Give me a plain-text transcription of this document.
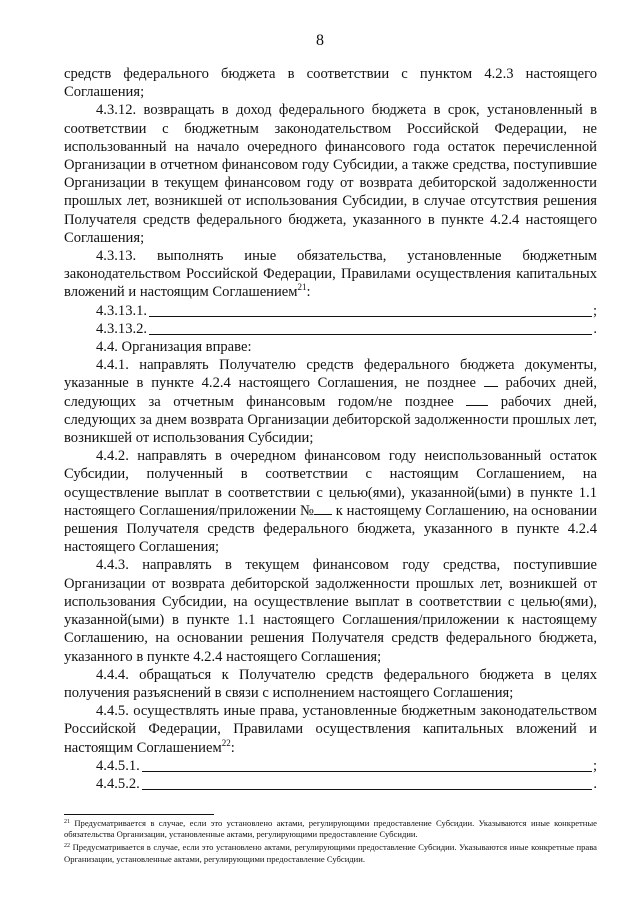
8

средств федерального бюджета в соответствии с пунктом 4.2.3 настоящего Соглашения;

4.3.12. возвращать в доход федерального бюджета в срок, установленный в соответствии с бюджетным законодательством Российской Федерации, не использованный на начало очередного финансового года остаток перечисленной Организации в отчетном финансовом году Субсидии, а также средства, поступившие Организации в текущем финансовом году от возврата дебиторской задолженности прошлых лет, возникшей от использования Субсидии, в случае отсутствия решения Получателя средств федерального бюджета, указанного в пункте 4.2.4 настоящего Соглашения;

4.3.13. выполнять иные обязательства, установленные бюджетным законодательством Российской Федерации, Правилами осуществления капитальных вложений и настоящим Соглашением$^{21}$:

4.3.13.1.	;
4.3.13.2.	.

4.4. Организация вправе:

4.4.1. направлять Получателю средств федерального бюджета документы, указанные в пункте 4.2.4 настоящего Соглашения, не позднее  рабочих дней, следующих за отчетным финансовым годом/не позднее  рабочих дней, следующих за днем возврата Организации дебиторской задолженности прошлых лет, возникшей от использования Субсидии;

4.4.2. направлять в очередном финансовом году неиспользованный остаток Субсидии, полученный в соответствии с настоящим Соглашением, на осуществление выплат в соответствии с целью(ями), указанной(ыми) в пункте 1.1 настоящего Соглашения/приложении № к настоящему Соглашению, на основании решения Получателя средств федерального бюджета, указанного в пункте 4.2.4 настоящего Соглашения;

4.4.3. направлять в текущем финансовом году средства, поступившие Организации от возврата дебиторской задолженности прошлых лет, возникшей от использования Субсидии, на осуществление выплат в соответствии с целью(ями), указанной(ыми) в пункте 1.1 настоящего Соглашения/приложении к настоящему Соглашению, на основании решения Получателя средств федерального бюджета, указанного в пункте 4.2.4 настоящего Соглашения;

4.4.4. обращаться к Получателю средств федерального бюджета в целях получения разъяснений в связи с исполнением настоящего Соглашения;

4.4.5. осуществлять иные права, установленные бюджетным законодательством Российской Федерации, Правилами осуществления капитальных вложений и настоящим Соглашением$^{22}$:

4.4.5.1.	;
4.4.5.2.	.

$^{21}$ Предусматривается в случае, если это установлено актами, регулирующими предоставление Субсидии. Указываются иные конкретные обязательства Организации, установленные актами, регулирующими предоставление Субсидии.

$^{22}$ Предусматривается в случае, если это установлено актами, регулирующими предоставление Субсидии. Указываются иные конкретные права Организации, установленные актами, регулирующими предоставление Субсидии.
